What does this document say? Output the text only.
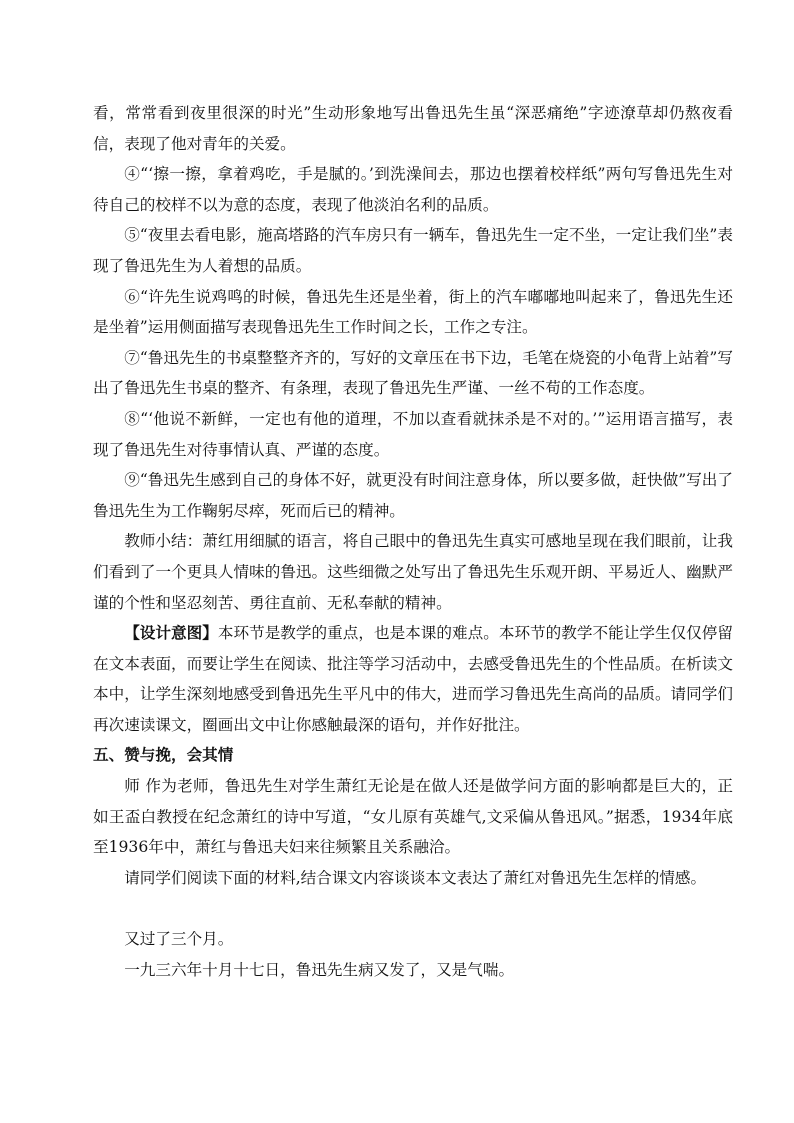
看，常常看到夜里很深的时光”生动形象地写出鲁迅先生虽“深恶痛绝”字迹潦草却仍熬夜看信，表现了他对青年的关爱。

④“‘擦一擦，拿着鸡吃，手是腻的。’到洗澡间去，那边也摆着校样纸”两句写鲁迅先生对待自己的校样不以为意的态度，表现了他淡泊名利的品质。

⑤“夜里去看电影，施高塔路的汽车房只有一辆车，鲁迅先生一定不坐，一定让我们坐”表现了鲁迅先生为人着想的品质。

⑥“许先生说鸡鸣的时候，鲁迅先生还是坐着，街上的汽车嘟嘟地叫起来了，鲁迅先生还是坐着”运用侧面描写表现鲁迅先生工作时间之长，工作之专注。

⑦“鲁迅先生的书桌整整齐齐的，写好的文章压在书下边，毛笔在烧瓷的小龟背上站着”写出了鲁迅先生书桌的整齐、有条理，表现了鲁迅先生严谨、一丝不苟的工作态度。

⑧“‘他说不新鲜，一定也有他的道理，不加以查看就抹杀是不对的。’”运用语言描写，表现了鲁迅先生对待事情认真、严谨的态度。

⑨“鲁迅先生感到自己的身体不好，就更没有时间注意身体，所以要多做，赶快做”写出了鲁迅先生为工作鞠躬尽瘁，死而后已的精神。

教师小结：萧红用细腻的语言，将自己眼中的鲁迅先生真实可感地呈现在我们眼前，让我们看到了一个更具人情味的鲁迅。这些细微之处写出了鲁迅先生乐观开朗、平易近人、幽默严谨的个性和坚忍刻苦、勇往直前、无私奉献的精神。

【设计意图】本环节是教学的重点，也是本课的难点。本环节的教学不能让学生仅仅停留在文本表面，而要让学生在阅读、批注等学习活动中，去感受鲁迅先生的个性品质。在析读文本中，让学生深刻地感受到鲁迅先生平凡中的伟大，进而学习鲁迅先生高尚的品质。请同学们再次速读课文，圈画出文中让你感触最深的语句，并作好批注。

五、赞与挽，会其情

师 作为老师，鲁迅先生对学生萧红无论是在做人还是做学问方面的影响都是巨大的，正如王盃白教授在纪念萧红的诗中写道，“女儿原有英雄气,文采偏从鲁迅风。”据悉，1934年底至1936年中，萧红与鲁迅夫妇来往频繁且关系融洽。

请同学们阅读下面的材料,结合课文内容谈谈本文表达了萧红对鲁迅先生怎样的情感。

又过了三个月。

一九三六年十月十七日，鲁迅先生病又发了，又是气喘。
